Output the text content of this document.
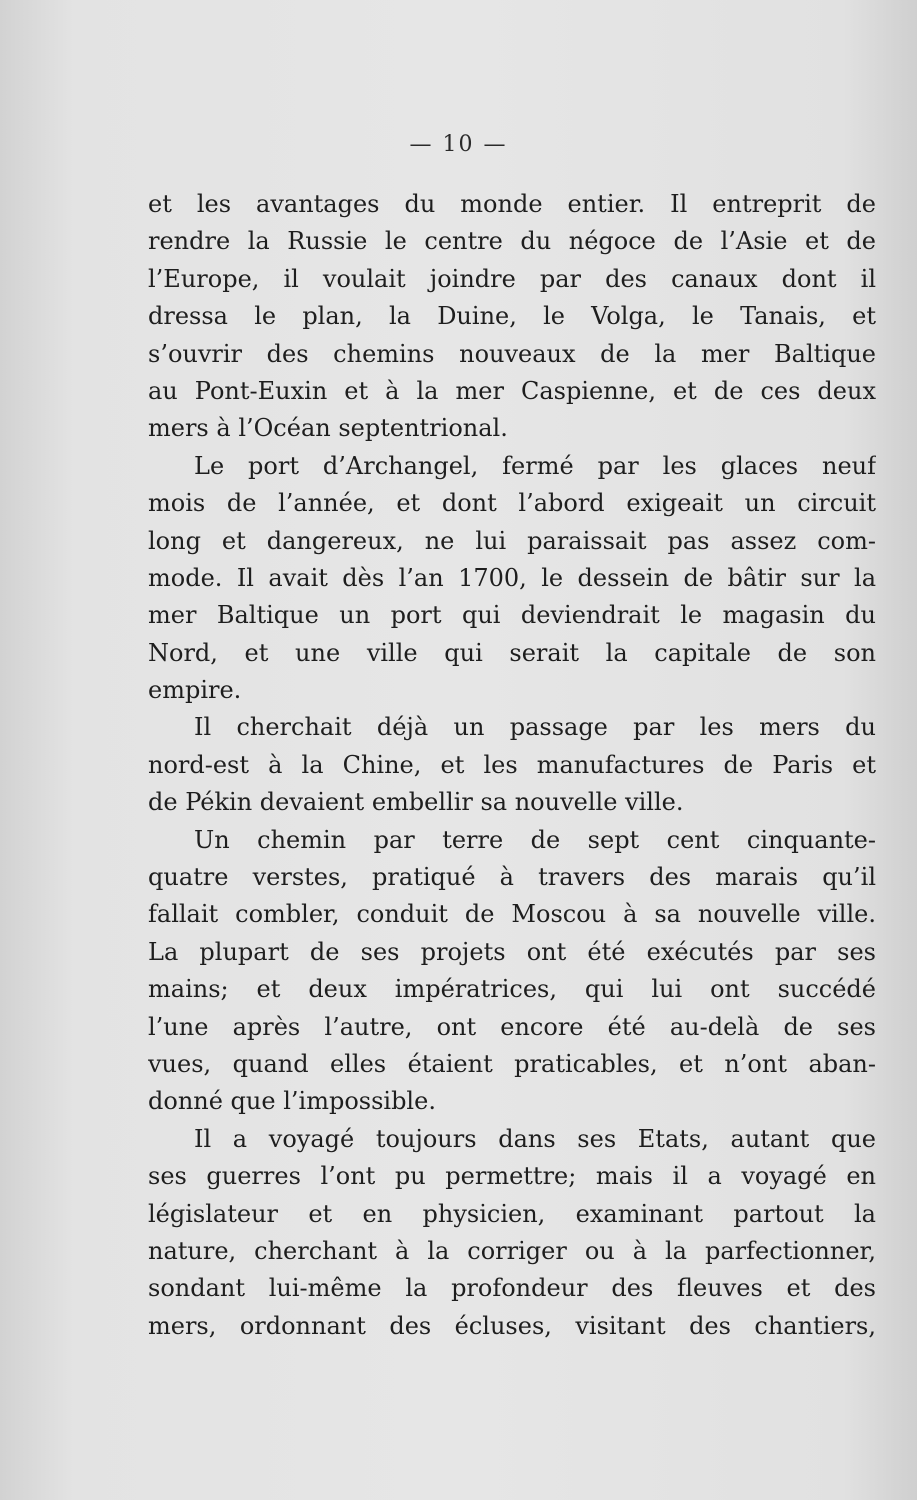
— 10 —
et les avantages du monde entier. Il entreprit de
rendre la Russie le centre du négoce de l’Asie et de
l’Europe, il voulait joindre par des canaux dont il
dressa le plan, la Duine, le Volga, le Tanais, et
s’ouvrir des chemins nouveaux de la mer Baltique
au Pont-Euxin et à la mer Caspienne, et de ces deux
mers à l’Océan septentrional.
Le port d’Archangel, fermé par les glaces neuf
mois de l’année, et dont l’abord exigeait un circuit
long et dangereux, ne lui paraissait pas assez com-
mode. Il avait dès l’an 1700, le dessein de bâtir sur la
mer Baltique un port qui deviendrait le magasin du
Nord, et une ville qui serait la capitale de son
empire.
Il cherchait déjà un passage par les mers du
nord-est à la Chine, et les manufactures de Paris et
de Pékin devaient embellir sa nouvelle ville.
Un chemin par terre de sept cent cinquante-
quatre verstes, pratiqué à travers des marais qu’il
fallait combler, conduit de Moscou à sa nouvelle ville.
La plupart de ses projets ont été exécutés par ses
mains; et deux impératrices, qui lui ont succédé
l’une après l’autre, ont encore été au-delà de ses
vues, quand elles étaient praticables, et n’ont aban-
donné que l’impossible.
Il a voyagé toujours dans ses Etats, autant que
ses guerres l’ont pu permettre; mais il a voyagé en
législateur et en physicien, examinant partout la
nature, cherchant à la corriger ou à la parfectionner,
sondant lui-même la profondeur des fleuves et des
mers, ordonnant des écluses, visitant des chantiers,
